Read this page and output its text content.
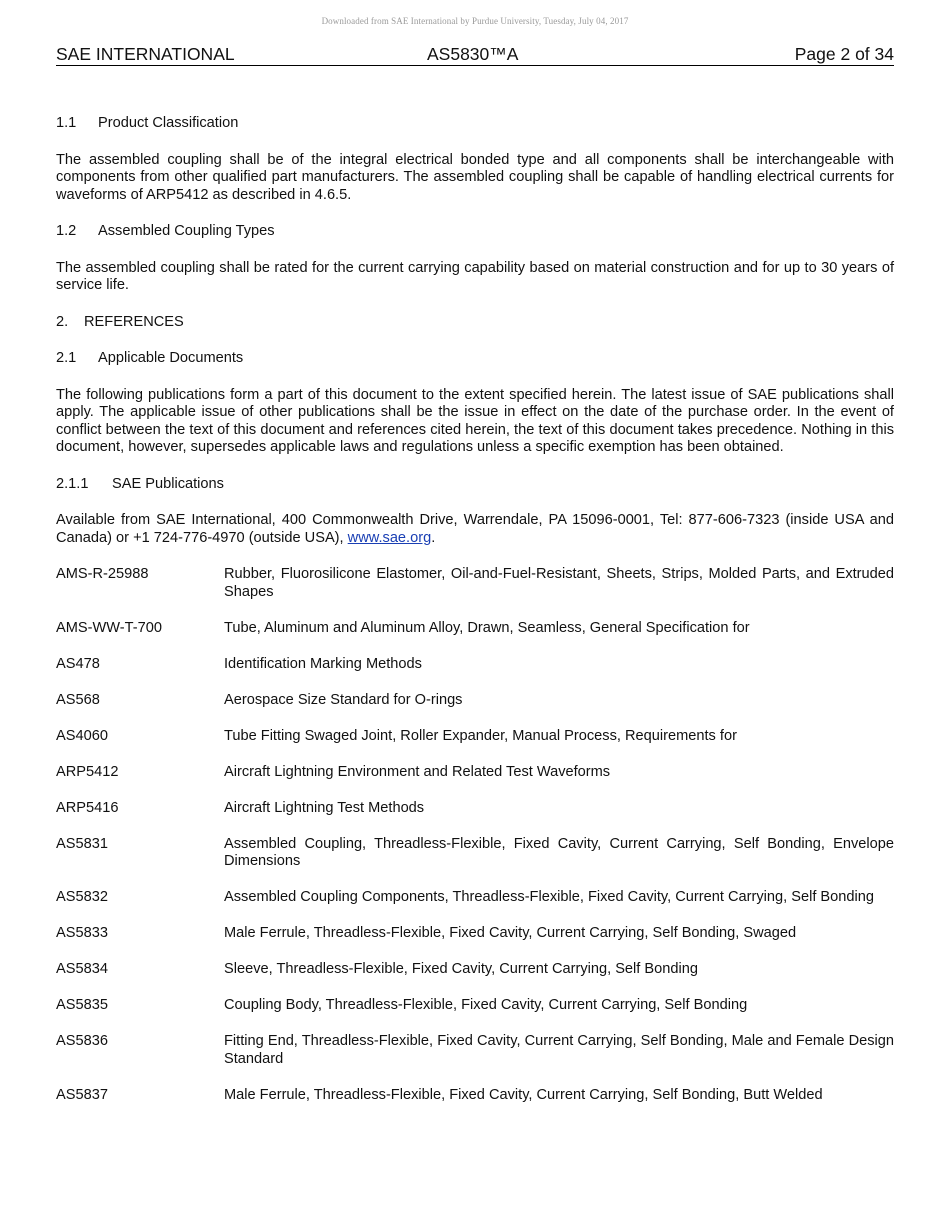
Downloaded from SAE International by Purdue University, Tuesday, July 04, 2017
SAE INTERNATIONAL	AS5830™A	Page 2 of 34
1.1	Product Classification
The assembled coupling shall be of the integral electrical bonded type and all components shall be interchangeable with components from other qualified part manufacturers. The assembled coupling shall be capable of handling electrical currents for waveforms of ARP5412 as described in 4.6.5.
1.2	Assembled Coupling Types
The assembled coupling shall be rated for the current carrying capability based on material construction and for up to 30 years of service life.
2.	REFERENCES
2.1	Applicable Documents
The following publications form a part of this document to the extent specified herein. The latest issue of SAE publications shall apply. The applicable issue of other publications shall be the issue in effect on the date of the purchase order. In the event of conflict between the text of this document and references cited herein, the text of this document takes precedence. Nothing in this document, however, supersedes applicable laws and regulations unless a specific exemption has been obtained.
2.1.1	SAE Publications
Available from SAE International, 400 Commonwealth Drive, Warrendale, PA 15096-0001, Tel: 877-606-7323 (inside USA and Canada) or +1 724-776-4970 (outside USA), www.sae.org.
AMS-R-25988	Rubber, Fluorosilicone Elastomer, Oil-and-Fuel-Resistant, Sheets, Strips, Molded Parts, and Extruded Shapes
AMS-WW-T-700	Tube, Aluminum and Aluminum Alloy, Drawn, Seamless, General Specification for
AS478	Identification Marking Methods
AS568	Aerospace Size Standard for O-rings
AS4060	Tube Fitting Swaged Joint, Roller Expander, Manual Process, Requirements for
ARP5412	Aircraft Lightning Environment and Related Test Waveforms
ARP5416	Aircraft Lightning Test Methods
AS5831	Assembled Coupling, Threadless-Flexible, Fixed Cavity, Current Carrying, Self Bonding, Envelope Dimensions
AS5832	Assembled Coupling Components, Threadless-Flexible, Fixed Cavity, Current Carrying, Self Bonding
AS5833	Male Ferrule, Threadless-Flexible, Fixed Cavity, Current Carrying, Self Bonding, Swaged
AS5834	Sleeve, Threadless-Flexible, Fixed Cavity, Current Carrying, Self Bonding
AS5835	Coupling Body, Threadless-Flexible, Fixed Cavity, Current Carrying, Self Bonding
AS5836	Fitting End, Threadless-Flexible, Fixed Cavity, Current Carrying, Self Bonding, Male and Female Design Standard
AS5837	Male Ferrule, Threadless-Flexible, Fixed Cavity, Current Carrying, Self Bonding, Butt Welded
